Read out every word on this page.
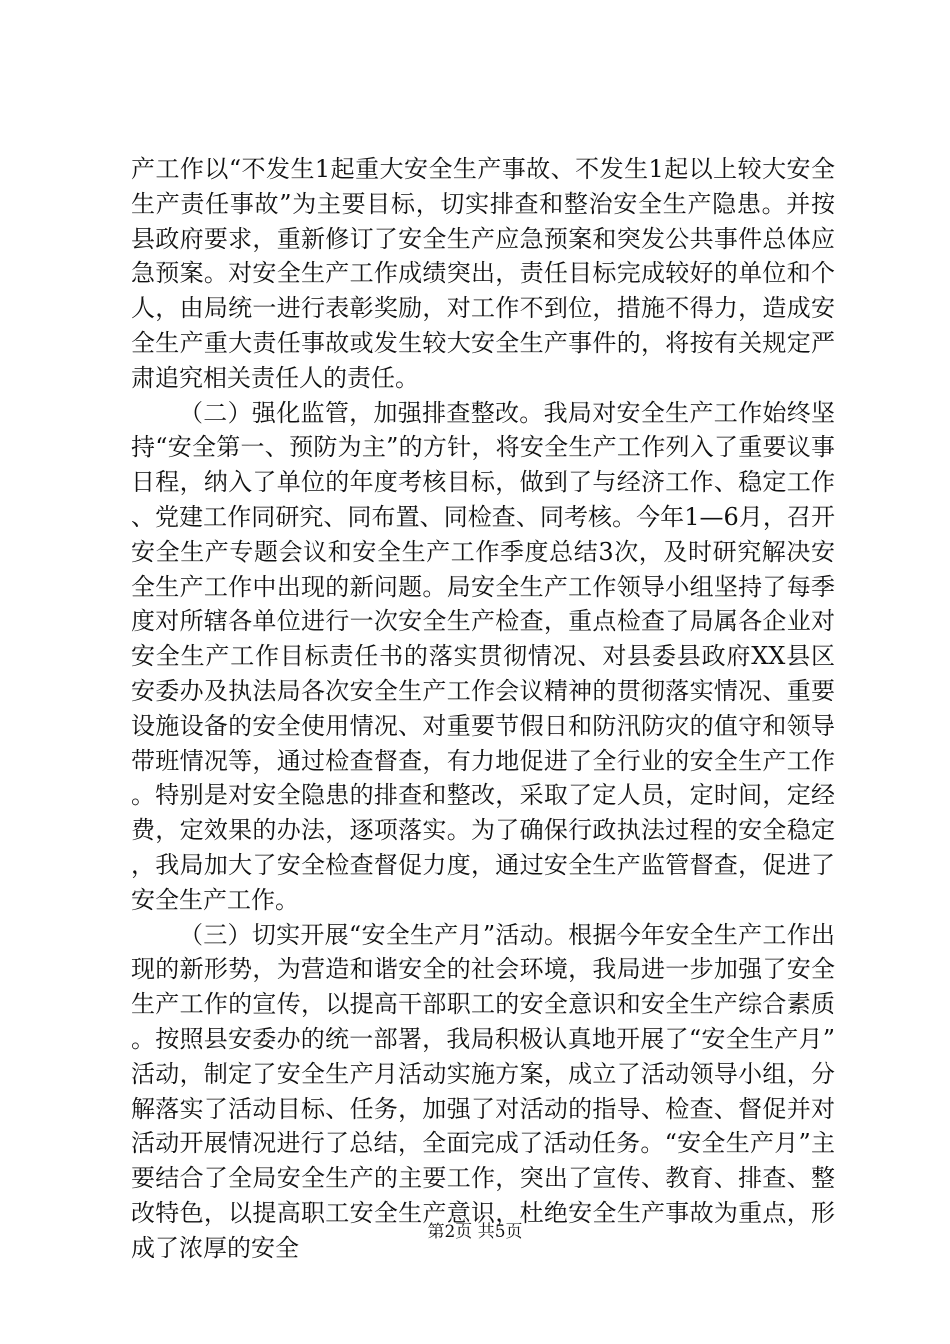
产工作以“不发生1起重大安全生产事故、不发生1起以上较大安全生产责任事故”为主要目标，切实排查和整治安全生产隐患。并按县政府要求，重新修订了安全生产应急预案和突发公共事件总体应急预案。对安全生产工作成绩突出，责任目标完成较好的单位和个人，由局统一进行表彰奖励，对工作不到位，措施不得力，造成安全生产重大责任事故或发生较大安全生产事件的，将按有关规定严肃追究相关责任人的责任。

（二）强化监管，加强排查整改。我局对安全生产工作始终坚持“安全第一、预防为主”的方针，将安全生产工作列入了重要议事日程，纳入了单位的年度考核目标，做到了与经济工作、稳定工作、党建工作同研究、同布置、同检查、同考核。今年1—6月，召开安全生产专题会议和安全生产工作季度总结3次，及时研究解决安全生产工作中出现的新问题。局安全生产工作领导小组坚持了每季度对所辖各单位进行一次安全生产检查，重点检查了局属各企业对安全生产工作目标责任书的落实贯彻情况、对县委县政府XX县区安委办及执法局各次安全生产工作会议精神的贯彻落实情况、重要设施设备的安全使用情况、对重要节假日和防汛防灾的值守和领导带班情况等，通过检查督查，有力地促进了全行业的安全生产工作。特别是对安全隐患的排查和整改，采取了定人员，定时间，定经费，定效果的办法，逐项落实。为了确保行政执法过程的安全稳定，我局加大了安全检查督促力度，通过安全生产监管督查，促进了安全生产工作。

（三）切实开展“安全生产月”活动。根据今年安全生产工作出现的新形势，为营造和谐安全的社会环境，我局进一步加强了安全生产工作的宣传，以提高干部职工的安全意识和安全生产综合素质。按照县安委办的统一部署，我局积极认真地开展了“安全生产月”活动，制定了安全生产月活动实施方案，成立了活动领导小组，分解落实了活动目标、任务，加强了对活动的指导、检查、督促并对活动开展情况进行了总结，全面完成了活动任务。“安全生产月”主要结合了全局安全生产的主要工作，突出了宣传、教育、排查、整改特色，以提高职工安全生产意识，杜绝安全生产事故为重点，形成了浓厚的安全

第2页 共5页
